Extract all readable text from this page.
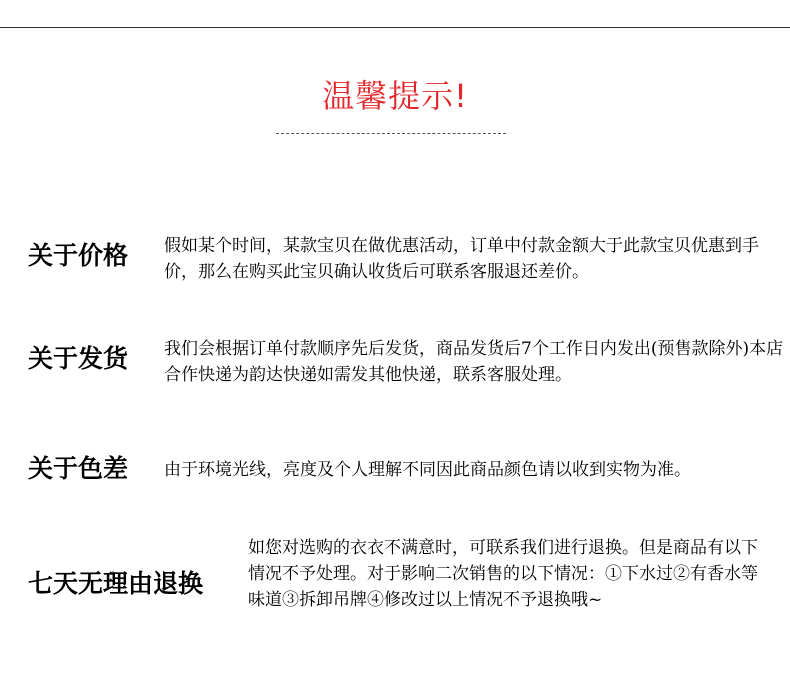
温馨提示!
关于价格 假如某个时间，某款宝贝在做优惠活动，订单中付款金额大于此款宝贝优惠到手价，那么在购买此宝贝确认收货后可联系客服退还差价。
关于发货 我们会根据订单付款顺序先后发货，商品发货后7个工作日内发出(预售款除外)本店合作快递为韵达快递如需发其他快递，联系客服处理。
关于色差 由于环境光线，亮度及个人理解不同因此商品颜色请以收到实物为准。
七天无理由退换
如您对选购的衣衣不满意时，可联系我们进行退换。但是商品有以下情况不予处理。对于影响二次销售的以下情况：①下水过②有香水等味道③拆卸吊牌④修改过以上情况不予退换哦~
